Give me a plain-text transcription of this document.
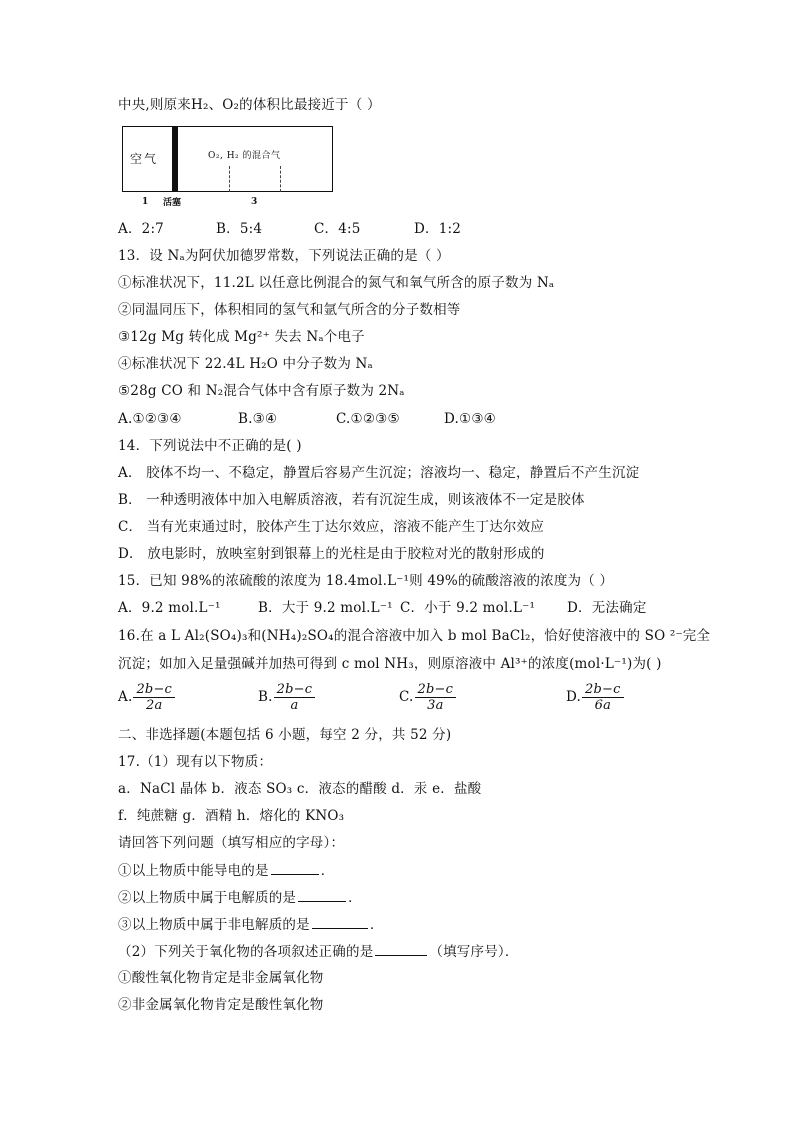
中央,则原来H₂、O₂的体积比最接近于（ ）
空气	O₂, H₂ 的混合气
1 活塞	3
A．2:7	B．5:4	C．4:5	D．1:2
13．设 Nₐ为阿伏加德罗常数，下列说法正确的是（ ）
①标准状况下，11.2L 以任意比例混合的氮气和氧气所含的原子数为 Nₐ
②同温同压下，体积相同的氢气和氩气所含的分子数相等
③12g Mg 转化成 Mg²⁺ 失去 Nₐ个电子
④标准状况下 22.4L H₂O 中分子数为 Nₐ
⑤28g CO 和 N₂混合气体中含有原子数为 2Nₐ
A.①②③④	B.③④	C.①②③⑤	D.①③④
14．下列说法中不正确的是( )
A． 胶体不均一、不稳定，静置后容易产生沉淀；溶液均一、稳定，静置后不产生沉淀
B． 一种透明液体中加入电解质溶液，若有沉淀生成，则该液体不一定是胶体
C． 当有光束通过时，胶体产生丁达尔效应，溶液不能产生丁达尔效应
D． 放电影时，放映室射到银幕上的光柱是由于胶粒对光的散射形成的
15．已知 98%的浓硫酸的浓度为 18.4mol.L⁻¹则 49%的硫酸溶液的浓度为（ ）
A．9.2 mol.L⁻¹	B．大于 9.2 mol.L⁻¹ C．小于 9.2 mol.L⁻¹ D．无法确定
16.在 a L Al₂(SO₄)₃和(NH₄)₂SO₄的混合溶液中加入 b mol BaCl₂，恰好使溶液中的 SO ²⁻完全
沉淀；如加入足量强碱并加热可得到 c mol NH₃，则原溶液中 Al³⁺的浓度(mol·L⁻¹)为( )
A. $\frac{2b-c}{2a}$	B. $\frac{2b-c}{a}$	C. $\frac{2b-c}{3a}$	D. $\frac{2b-c}{6a}$
二、非选择题(本题包括 6 小题，每空 2 分，共 52 分)
17.（1）现有以下物质：
a．NaCl 晶体 b．液态 SO₃ c．液态的醋酸 d．汞 e．盐酸
f．纯蔗糖 g．酒精 h．熔化的 KNO₃
请回答下列问题（填写相应的字母）：
①以上物质中能导电的是	．
②以上物质中属于电解质的是	．
③以上物质中属于非电解质的是	．
（2）下列关于氧化物的各项叙述正确的是	（填写序号）．
①酸性氧化物肯定是非金属氧化物
②非金属氧化物肯定是酸性氧化物
